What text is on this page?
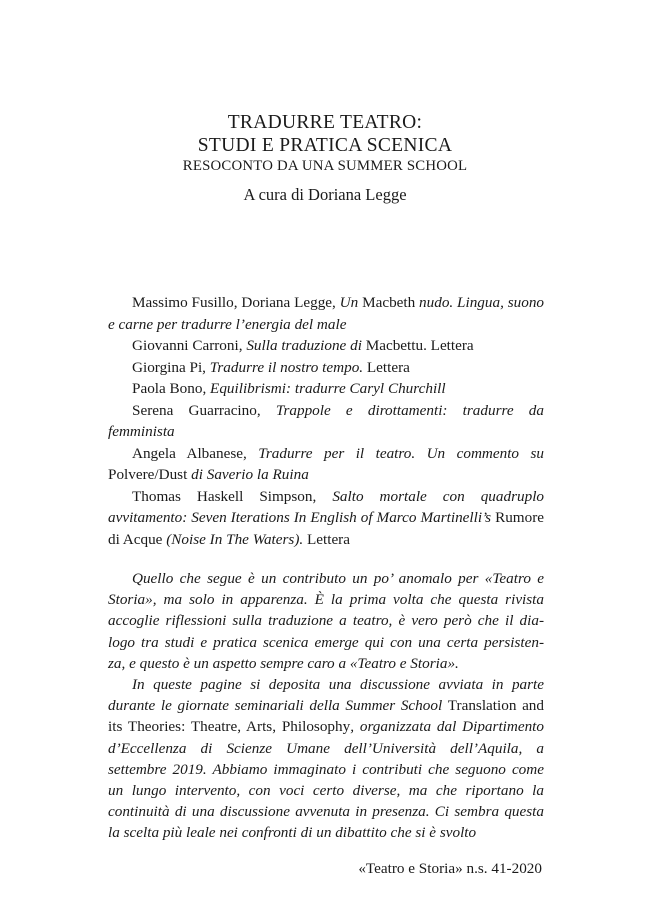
TRADURRE TEATRO:
STUDI E PRATICA SCENICA
RESOCONTO DA UNA SUMMER SCHOOL
A cura di Doriana Legge

Massimo Fusillo, Doriana Legge, Un Macbeth nudo. Lingua, suono e carne per tradurre l’energia del male

Giovanni Carroni, Sulla traduzione di Macbettu. Lettera

Giorgina Pi, Tradurre il nostro tempo. Lettera

Paola Bono, Equilibrismi: tradurre Caryl Churchill

Serena Guarracino, Trappole e dirottamenti: tradurre da femminista

Angela Albanese, Tradurre per il teatro. Un commento su Polvere/Dust di Saverio la Ruina

Thomas Haskell Simpson, Salto mortale con quadruplo avvitamento: Seven Iterations In English of Marco Martinelli’s Rumore di Acque (Noise In The Waters). Lettera

Quello che segue è un contributo un po’ anomalo per «Teatro e
Storia», ma solo in apparenza. È la prima volta che questa rivista
accoglie riflessioni sulla traduzione a teatro, è vero però che il dia-
logo tra studi e pratica scenica emerge qui con una certa persisten-
za, e questo è un aspetto sempre caro a «Teatro e Storia».

In queste pagine si deposita una discussione avviata in parte durante le giornate seminariali della Summer School Translation and its Theories: Theatre, Arts, Philosophy, organizzata dal Dipartimento d’Eccellenza di Scienze Umane dell’Università dell’Aquila, a settembre 2019. Abbiamo immaginato i contributi che seguono come un lungo intervento, con voci certo diverse, ma che riportano la continuità di una discussione avvenuta in presenza. Ci sembra questa la scelta più leale nei confronti di un dibattito che si è svolto

«Teatro e Storia» n.s. 41-2020
